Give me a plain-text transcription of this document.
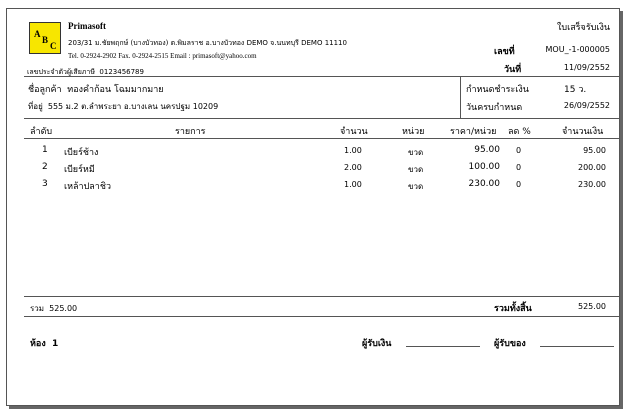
A
B
C
Primasoft
203/31 ม.ชัยพฤกษ์ (บางบัวทอง) ต.พิมลราช อ.บางบัวทอง DEMO จ.นนทบุรี DEMO 11110
Tel. 0-2924-2902 Fax. 0-2924-2515 Email : primasoft@yahoo.com
เลขประจำตัวผู้เสียภาษี 0123456789
ใบเสร็จรับเงิน
เลขที่	MOU_-1-000005
วันที่	11/09/2552
ชื่อลูกค้า ทองคำก้อน โฉมมากมาย
ที่อยู่ 555 ม.2 ต.ลำพระยา อ.บางเลน นครปฐม 10209
กำหนดชำระเงิน	15 ว.
วันครบกำหนด	26/09/2552
ลำดับ	รายการ	จำนวน	หน่วย	ราคา/หน่วย ลด %	จำนวนเงิน
1 เบียร์ช้าง	1.00	ขวด	95.00 0	95.00
2 เบียร์หมี	2.00	ขวด	100.00 0	200.00
3 เหล้าปลาชิว	1.00	ขวด	230.00 0	230.00
รวม 525.00	รวมทั้งสิ้น	525.00
ห้อง 1	ผู้รับเงิน	ผู้รับของ
